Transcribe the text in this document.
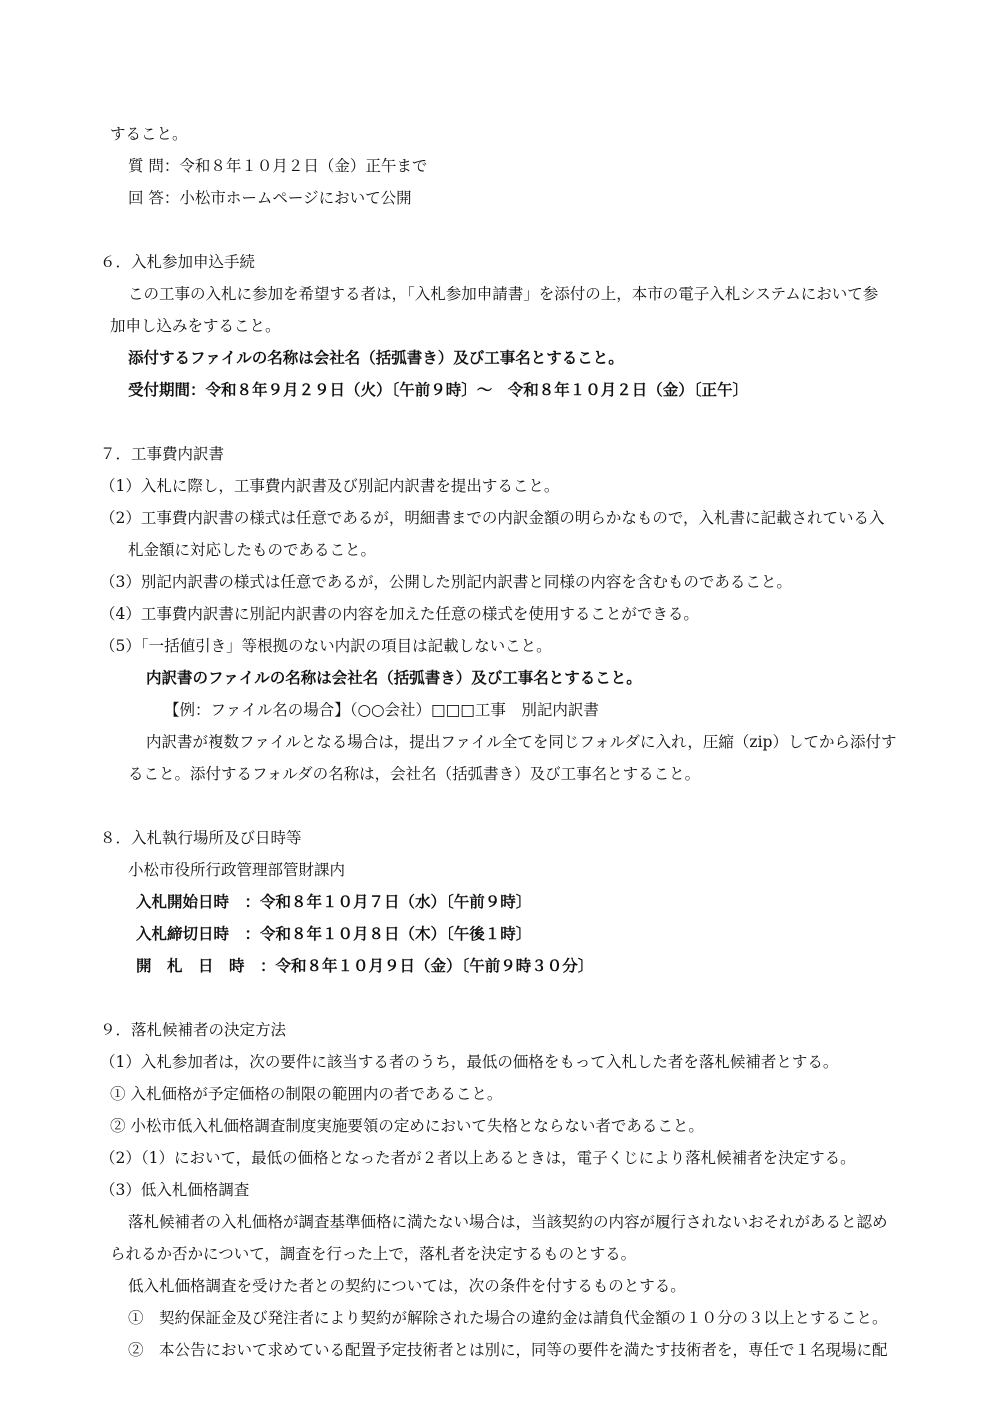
すること。
質 問：令和８年１０月２日（金）正午まで
回 答：小松市ホームページにおいて公開
６．入札参加申込手続
この工事の入札に参加を希望する者は，「入札参加申請書」を添付の上，本市の電子入札システムにおいて参
加申し込みをすること。
添付するファイルの名称は会社名（括弧書き）及び工事名とすること。
受付期間：令和８年９月２９日（火）〔午前９時〕～　令和８年１０月２日（金）〔正午〕
７．工事費内訳書
（1）入札に際し，工事費内訳書及び別記内訳書を提出すること。
（2）工事費内訳書の様式は任意であるが，明細書までの内訳金額の明らかなもので，入札書に記載されている入
札金額に対応したものであること。
（3）別記内訳書の様式は任意であるが，公開した別記内訳書と同様の内容を含むものであること。
（4）工事費内訳書に別記内訳書の内容を加えた任意の様式を使用することができる。
（5）「一括値引き」等根拠のない内訳の項目は記載しないこと。
内訳書のファイルの名称は会社名（括弧書き）及び工事名とすること。
【例：ファイル名の場合】（○○会社）□□□工事　別記内訳書
内訳書が複数ファイルとなる場合は，提出ファイル全てを同じフォルダに入れ，圧縮（zip）してから添付す
ること。添付するフォルダの名称は，会社名（括弧書き）及び工事名とすること。
８．入札執行場所及び日時等
小松市役所行政管理部管財課内
入札開始日時　：令和８年１０月７日（水）〔午前９時〕
入札締切日時　：令和８年１０月８日（木）〔午後１時〕
開　札　日　時　：令和８年１０月９日（金）〔午前９時３０分〕
９．落札候補者の決定方法
（1）入札参加者は，次の要件に該当する者のうち，最低の価格をもって入札した者を落札候補者とする。
① 入札価格が予定価格の制限の範囲内の者であること。
② 小松市低入札価格調査制度実施要領の定めにおいて失格とならない者であること。
（2）（1）において，最低の価格となった者が２者以上あるときは，電子くじにより落札候補者を決定する。
（3）低入札価格調査
落札候補者の入札価格が調査基準価格に満たない場合は，当該契約の内容が履行されないおそれがあると認め
られるか否かについて，調査を行った上で，落札者を決定するものとする。
低入札価格調査を受けた者との契約については，次の条件を付するものとする。
①　契約保証金及び発注者により契約が解除された場合の違約金は請負代金額の１０分の３以上とすること。
②　本公告において求めている配置予定技術者とは別に，同等の要件を満たす技術者を，専任で１名現場に配
